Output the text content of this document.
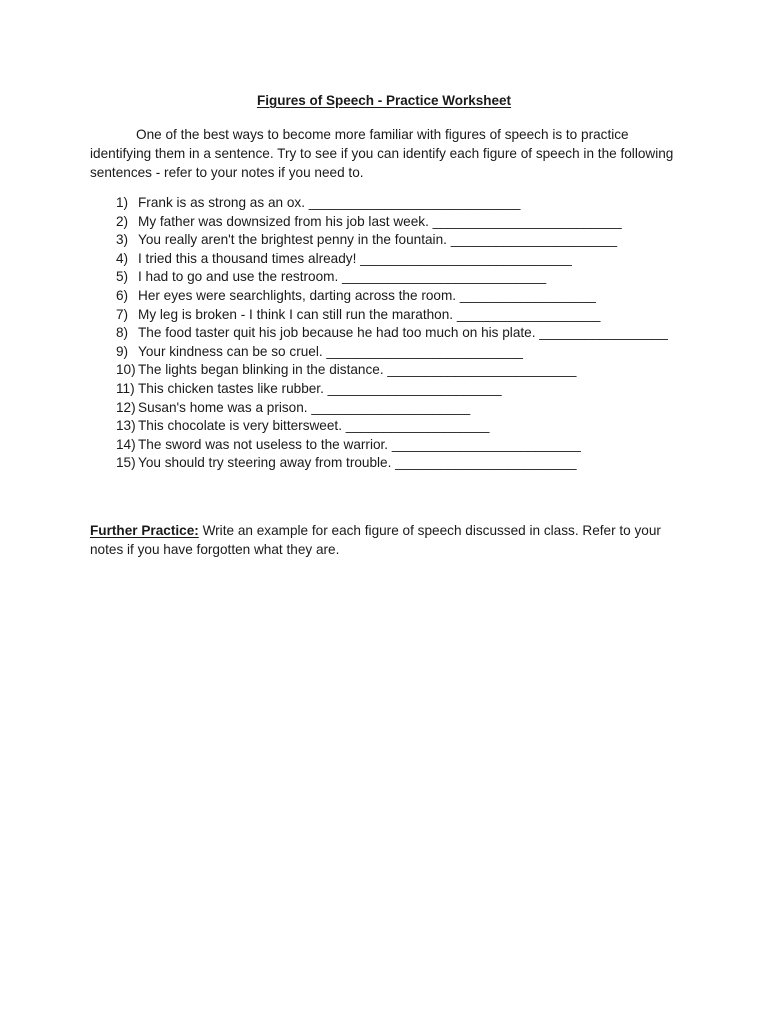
Figures of Speech - Practice Worksheet

One of the best ways to become more familiar with figures of speech is to practice identifying them in a sentence. Try to see if you can identify each figure of speech in the following sentences - refer to your notes if you need to.

1) Frank is as strong as an ox. ____________________________
2) My father was downsized from his job last week. _________________________
3) You really aren't the brightest penny in the fountain. ______________________
4) I tried this a thousand times already! ____________________________
5) I had to go and use the restroom. ___________________________
6) Her eyes were searchlights, darting across the room. __________________
7) My leg is broken - I think I can still run the marathon. ___________________
8) The food taster quit his job because he had too much on his plate. _________________
9) Your kindness can be so cruel. __________________________
10) The lights began blinking in the distance. _________________________
11) This chicken tastes like rubber. _______________________
12) Susan's home was a prison. _____________________
13) This chocolate is very bittersweet. ___________________
14) The sword was not useless to the warrior. _________________________
15) You should try steering away from trouble. ________________________

Further Practice: Write an example for each figure of speech discussed in class. Refer to your notes if you have forgotten what they are.
